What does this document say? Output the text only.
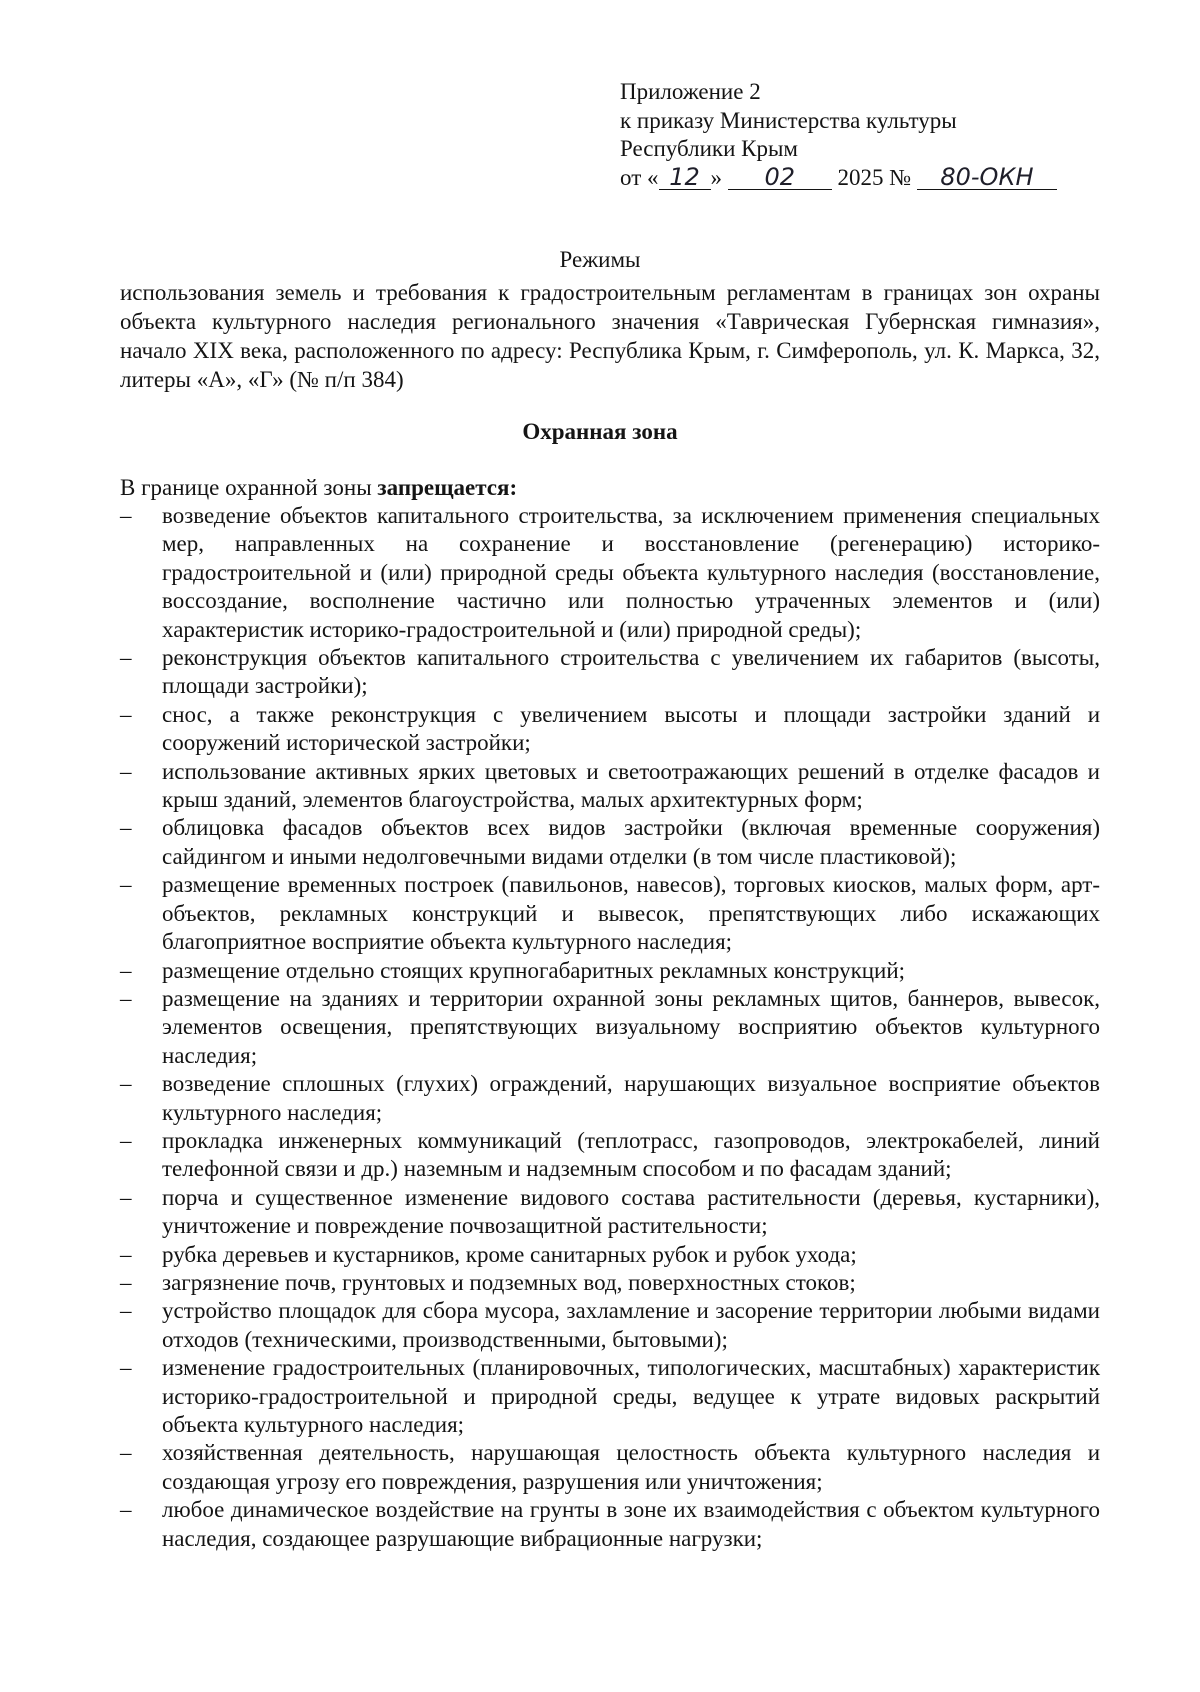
Приложение 2
к приказу Министерства культуры
Республики Крым
от « 12 » 02 2025 № 80-ОКН
Режимы
использования земель и требования к градостроительным регламентам в границах зон охраны объекта культурного наследия регионального значения «Таврическая Губернская гимназия», начало XIX века, расположенного по адресу: Республика Крым, г. Симферополь, ул. К. Маркса, 32, литеры «А», «Г» (№ п/п 384)
Охранная зона
В границе охранной зоны запрещается:
– возведение объектов капитального строительства, за исключением применения специальных мер, направленных на сохранение и восстановление (регенерацию) историко-градостроительной и (или) природной среды объекта культурного наследия (восстановление, воссоздание, восполнение частично или полностью утраченных элементов и (или) характеристик историко-градостроительной и (или) природной среды);
– реконструкция объектов капитального строительства с увеличением их габаритов (высоты, площади застройки);
– снос, а также реконструкция с увеличением высоты и площади застройки зданий и сооружений исторической застройки;
– использование активных ярких цветовых и светоотражающих решений в отделке фасадов и крыш зданий, элементов благоустройства, малых архитектурных форм;
– облицовка фасадов объектов всех видов застройки (включая временные сооружения) сайдингом и иными недолговечными видами отделки (в том числе пластиковой);
– размещение временных построек (павильонов, навесов), торговых киосков, малых форм, арт-объектов, рекламных конструкций и вывесок, препятствующих либо искажающих благоприятное восприятие объекта культурного наследия;
– размещение отдельно стоящих крупногабаритных рекламных конструкций;
– размещение на зданиях и территории охранной зоны рекламных щитов, баннеров, вывесок, элементов освещения, препятствующих визуальному восприятию объектов культурного наследия;
– возведение сплошных (глухих) ограждений, нарушающих визуальное восприятие объектов культурного наследия;
– прокладка инженерных коммуникаций (теплотрасс, газопроводов, электрокабелей, линий телефонной связи и др.) наземным и надземным способом и по фасадам зданий;
– порча и существенное изменение видового состава растительности (деревья, кустарники), уничтожение и повреждение почвозащитной растительности;
– рубка деревьев и кустарников, кроме санитарных рубок и рубок ухода;
– загрязнение почв, грунтовых и подземных вод, поверхностных стоков;
– устройство площадок для сбора мусора, захламление и засорение территории любыми видами отходов (техническими, производственными, бытовыми);
– изменение градостроительных (планировочных, типологических, масштабных) характеристик историко-градостроительной и природной среды, ведущее к утрате видовых раскрытий объекта культурного наследия;
– хозяйственная деятельность, нарушающая целостность объекта культурного наследия и создающая угрозу его повреждения, разрушения или уничтожения;
– любое динамическое воздействие на грунты в зоне их взаимодействия с объектом культурного наследия, создающее разрушающие вибрационные нагрузки;
